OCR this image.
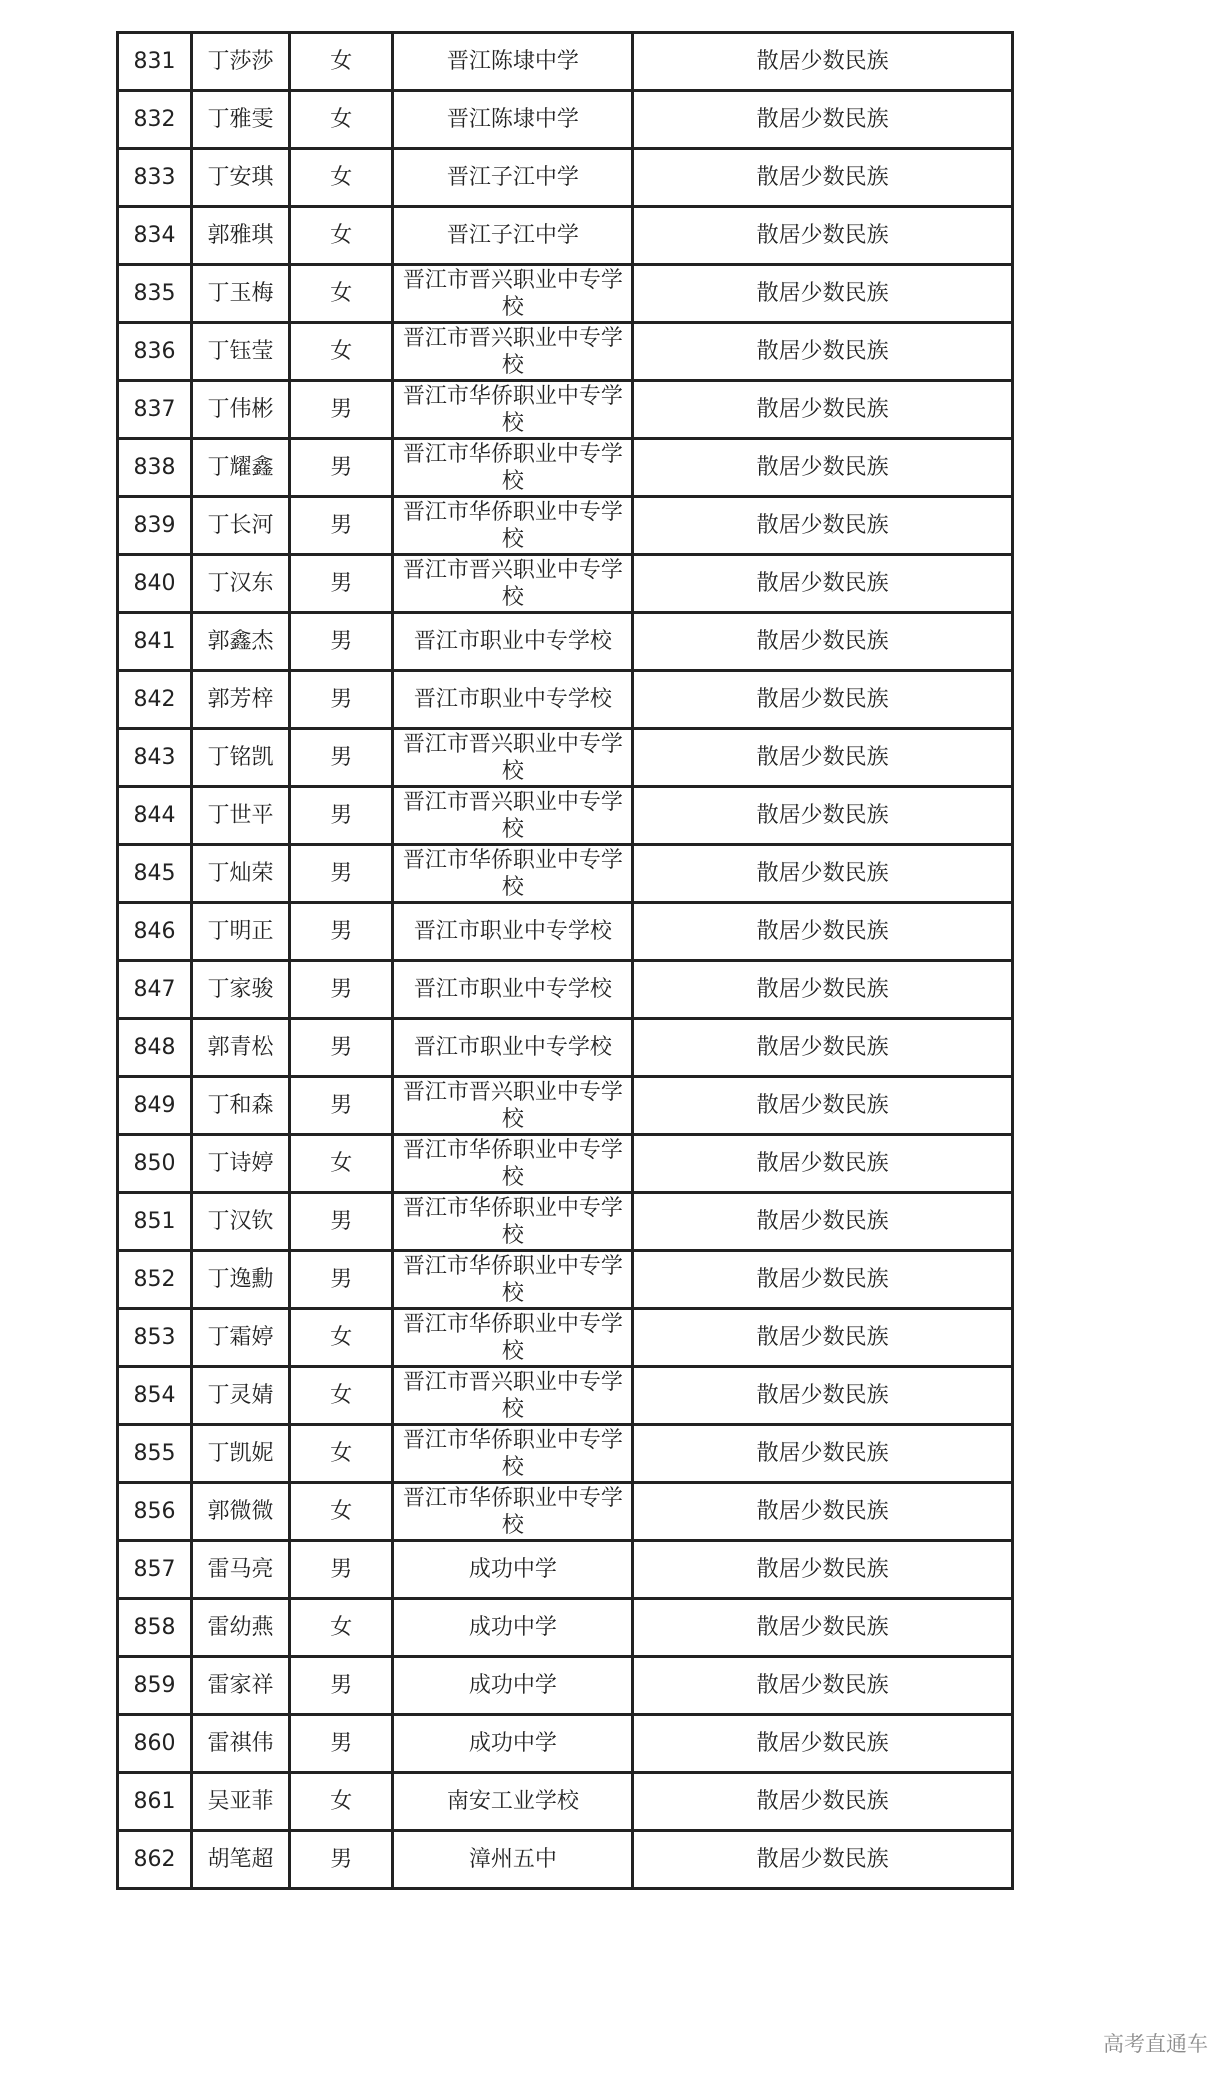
831	丁莎莎	女	晋江陈埭中学	散居少数民族
832	丁雅雯	女	晋江陈埭中学	散居少数民族
833	丁安琪	女	晋江子江中学	散居少数民族
834	郭雅琪	女	晋江子江中学	散居少数民族
835	丁玉梅	女	晋江市晋兴职业中专学校	散居少数民族
836	丁钰莹	女	晋江市晋兴职业中专学校	散居少数民族
837	丁伟彬	男	晋江市华侨职业中专学校	散居少数民族
838	丁耀鑫	男	晋江市华侨职业中专学校	散居少数民族
839	丁长河	男	晋江市华侨职业中专学校	散居少数民族
840	丁汉东	男	晋江市晋兴职业中专学校	散居少数民族
841	郭鑫杰	男	晋江市职业中专学校	散居少数民族
842	郭芳梓	男	晋江市职业中专学校	散居少数民族
843	丁铭凯	男	晋江市晋兴职业中专学校	散居少数民族
844	丁世平	男	晋江市晋兴职业中专学校	散居少数民族
845	丁灿荣	男	晋江市华侨职业中专学校	散居少数民族
846	丁明正	男	晋江市职业中专学校	散居少数民族
847	丁家骏	男	晋江市职业中专学校	散居少数民族
848	郭青松	男	晋江市职业中专学校	散居少数民族
849	丁和森	男	晋江市晋兴职业中专学校	散居少数民族
850	丁诗婷	女	晋江市华侨职业中专学校	散居少数民族
851	丁汉钦	男	晋江市华侨职业中专学校	散居少数民族
852	丁逸勳	男	晋江市华侨职业中专学校	散居少数民族
853	丁霜婷	女	晋江市华侨职业中专学校	散居少数民族
854	丁灵婧	女	晋江市晋兴职业中专学校	散居少数民族
855	丁凯妮	女	晋江市华侨职业中专学校	散居少数民族
856	郭微微	女	晋江市华侨职业中专学校	散居少数民族
857	雷马亮	男	成功中学	散居少数民族
858	雷幼燕	女	成功中学	散居少数民族
859	雷家祥	男	成功中学	散居少数民族
860	雷祺伟	男	成功中学	散居少数民族
861	吴亚菲	女	南安工业学校	散居少数民族
862	胡笔超	男	漳州五中	散居少数民族
高考直通车
